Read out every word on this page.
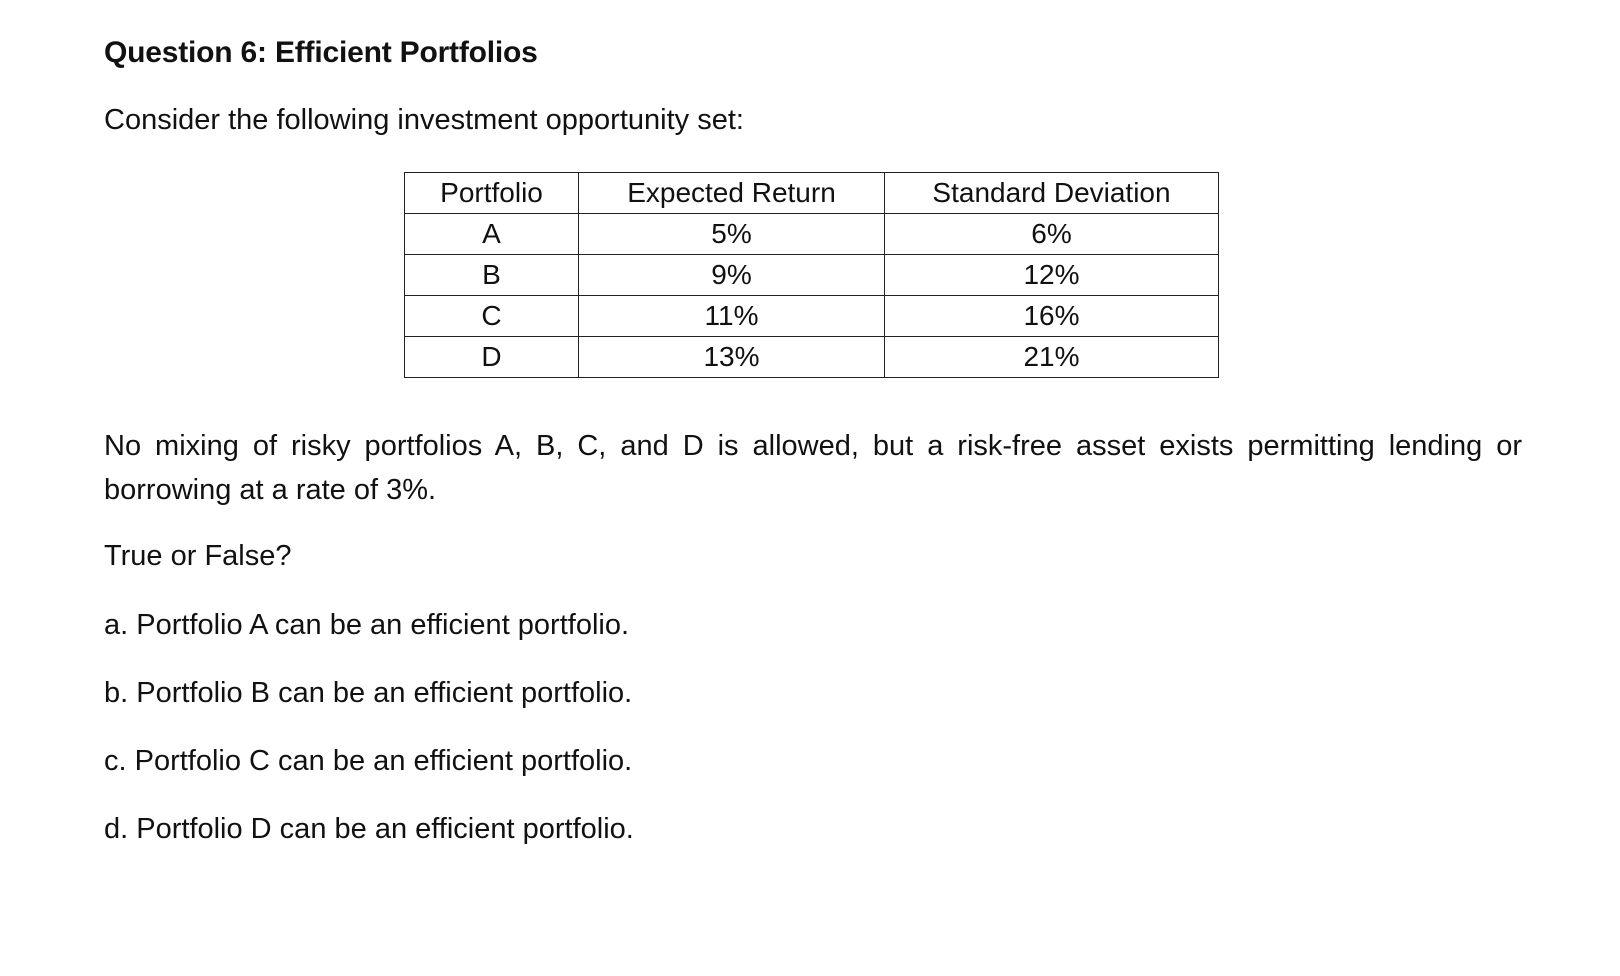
Question 6: Efficient Portfolios

Consider the following investment opportunity set:

Portfolio	Expected Return	Standard Deviation
A	5%	6%
B	9%	12%
C	11%	16%
D	13%	21%

No mixing of risky portfolios A, B, C, and D is allowed, but a risk-free asset exists permitting lending or borrowing at a rate of 3%.

True or False?

a. Portfolio A can be an efficient portfolio.
b. Portfolio B can be an efficient portfolio.
c. Portfolio C can be an efficient portfolio.
d. Portfolio D can be an efficient portfolio.
